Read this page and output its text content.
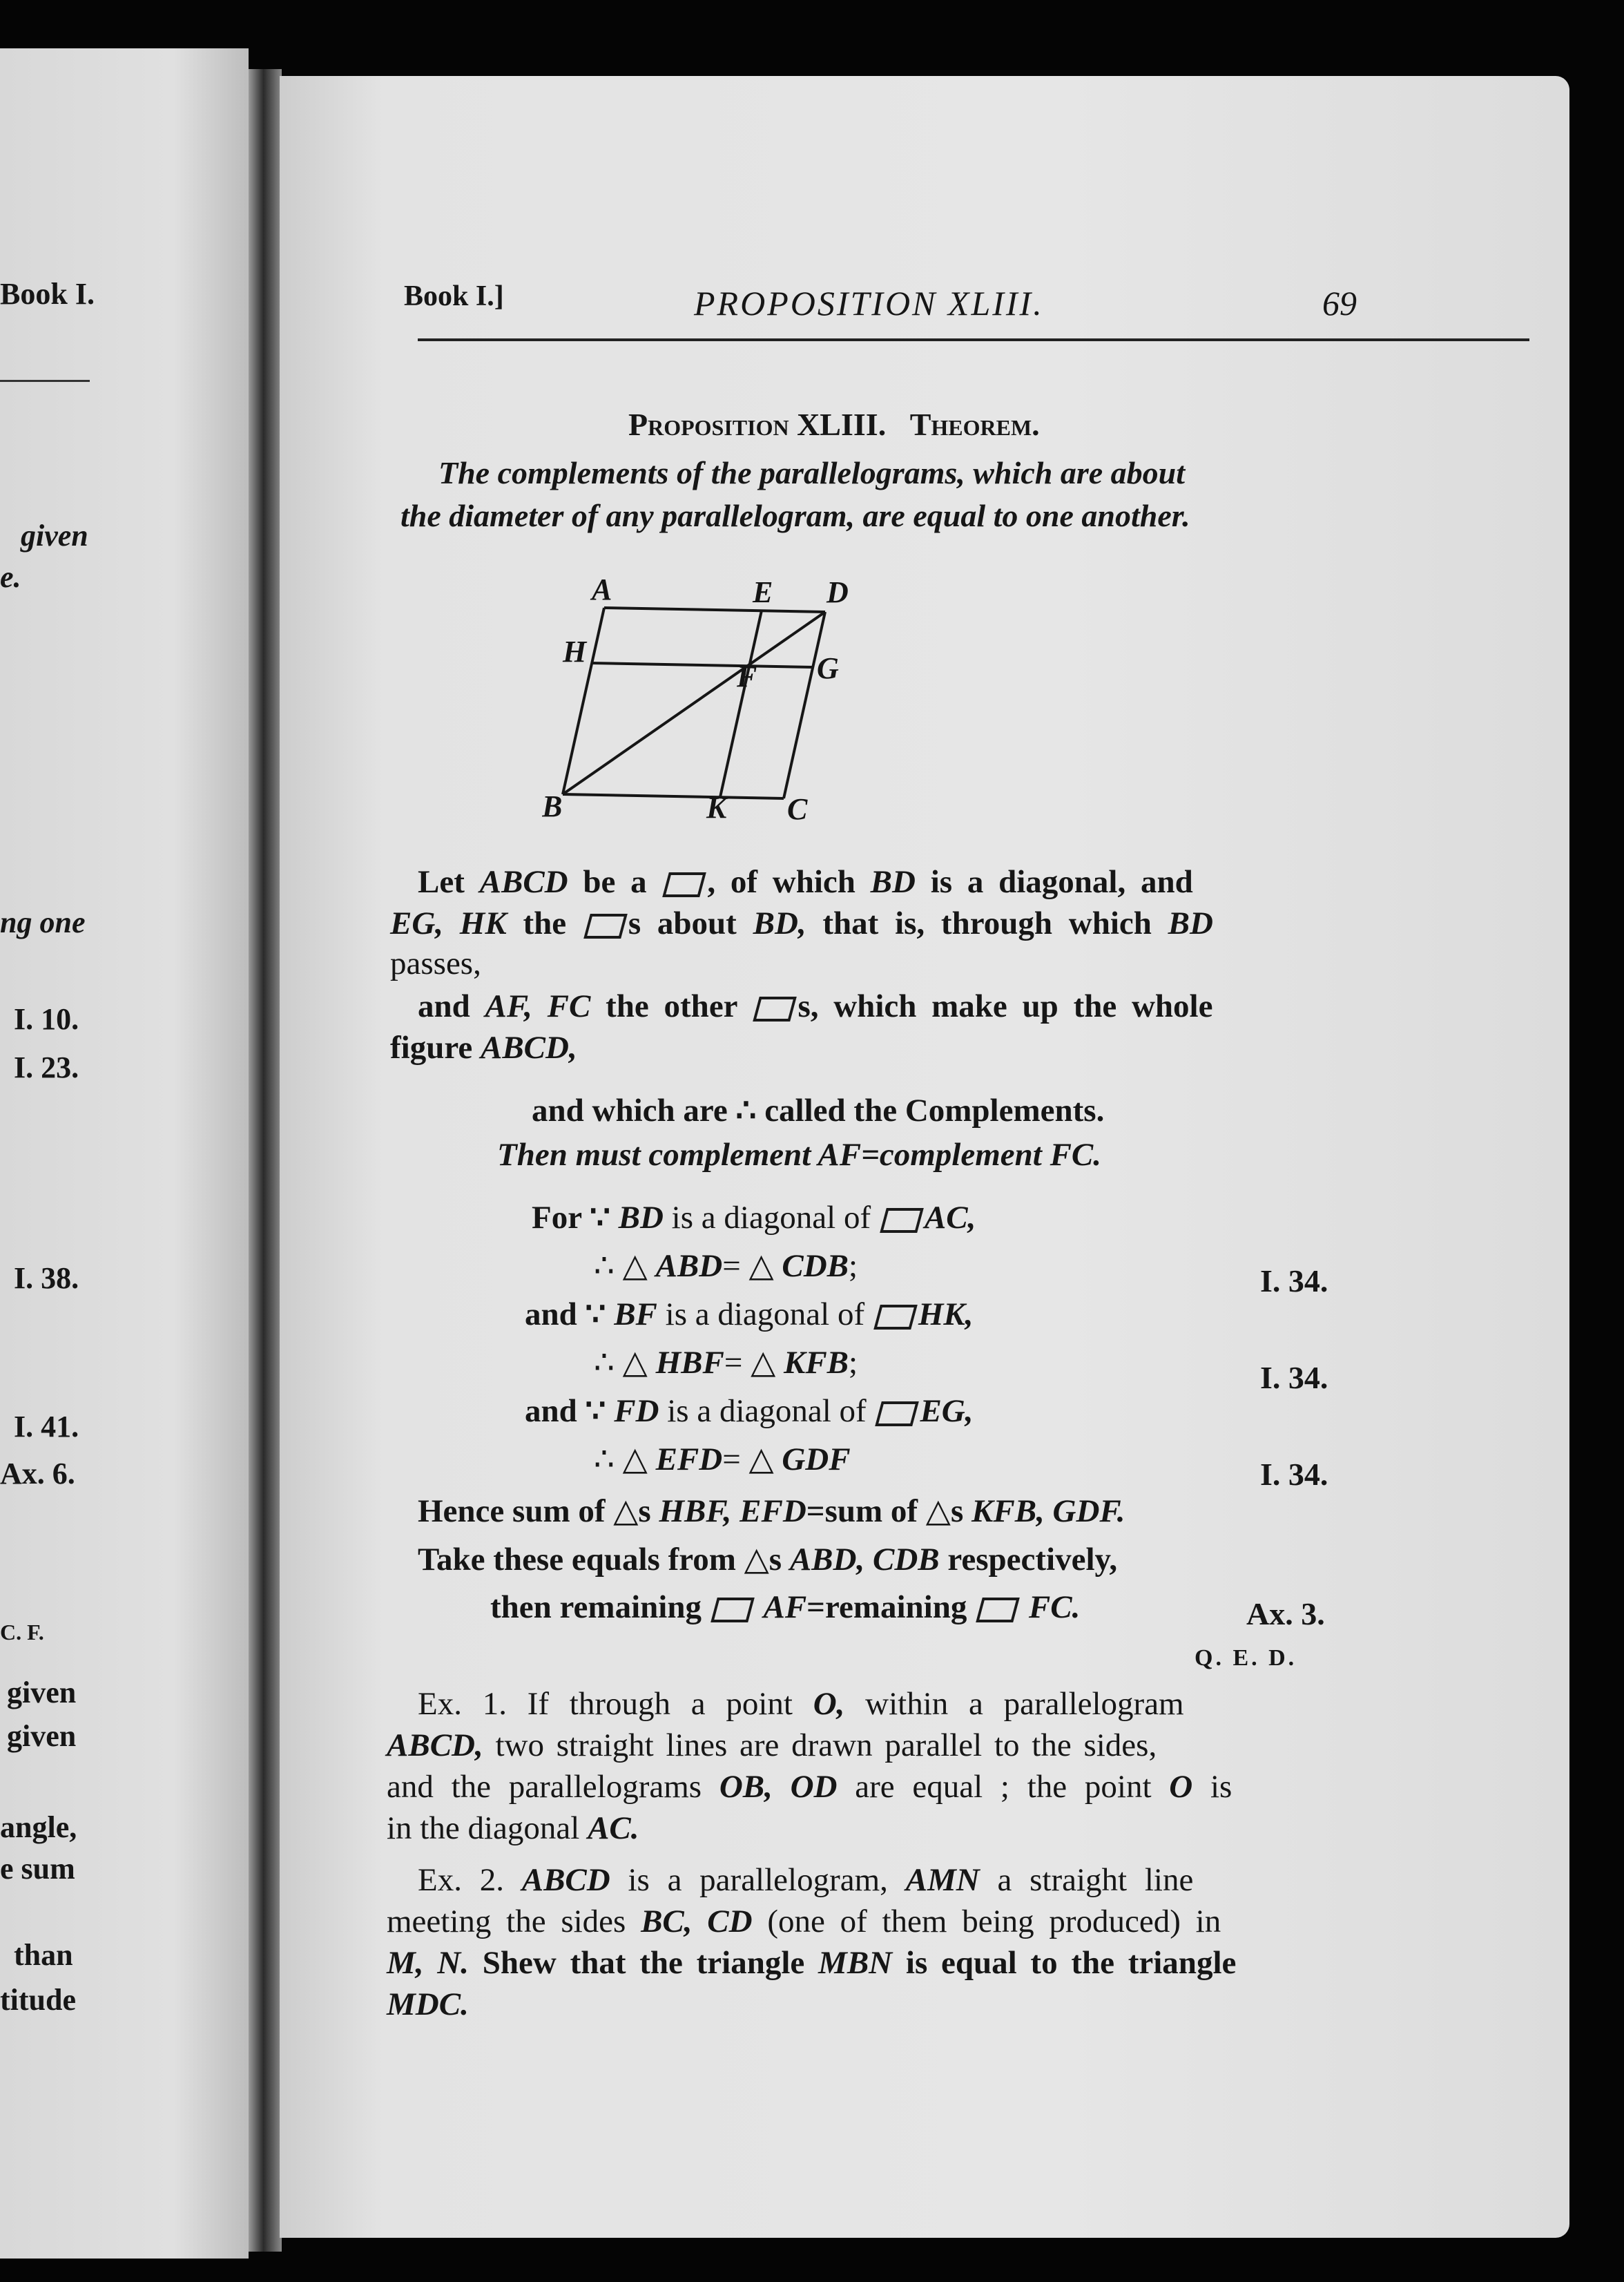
Book I.
given
e.
ng one
I. 10.
I. 23.
I. 38.
I. 41.
Ax. 6.
C. F.
given
given
angle,
e sum
than
titude
Book I.]	PROPOSITION XLIII.	69
Proposition XLIII. Theorem.
The complements of the parallelograms, which are about
the diameter of any parallelogram, are equal to one another.
A	E D
H
F G
B	K C
Let ABCD be a , of which BD is a diagonal, and
EG, HK the s about BD, that is, through which BD
passes,
and AF, FC the other s, which make up the whole
figure ABCD,
and which are ∴ called the Complements.
Then must complement AF=complement FC.
For ∵ BD is a diagonal of AC,
∴ △ ABD= △ CDB;	I. 34.
and ∵ BF is a diagonal of HK,
∴ △ HBF= △ KFB;	I. 34.
and ∵ FD is a diagonal of EG,
∴ △ EFD= △ GDF	I. 34.
Hence sum of △s HBF, EFD=sum of △s KFB, GDF.
Take these equals from △s ABD, CDB respectively,
then remaining AF=remaining FC.	Ax. 3.
Q. E. D.
Ex. 1. If through a point O, within a parallelogram
ABCD, two straight lines are drawn parallel to the sides,
and the parallelograms OB, OD are equal ; the point O is
in the diagonal AC.
Ex. 2. ABCD is a parallelogram, AMN a straight line
meeting the sides BC, CD (one of them being produced) in
M, N. Shew that the triangle MBN is equal to the triangle
MDC.
